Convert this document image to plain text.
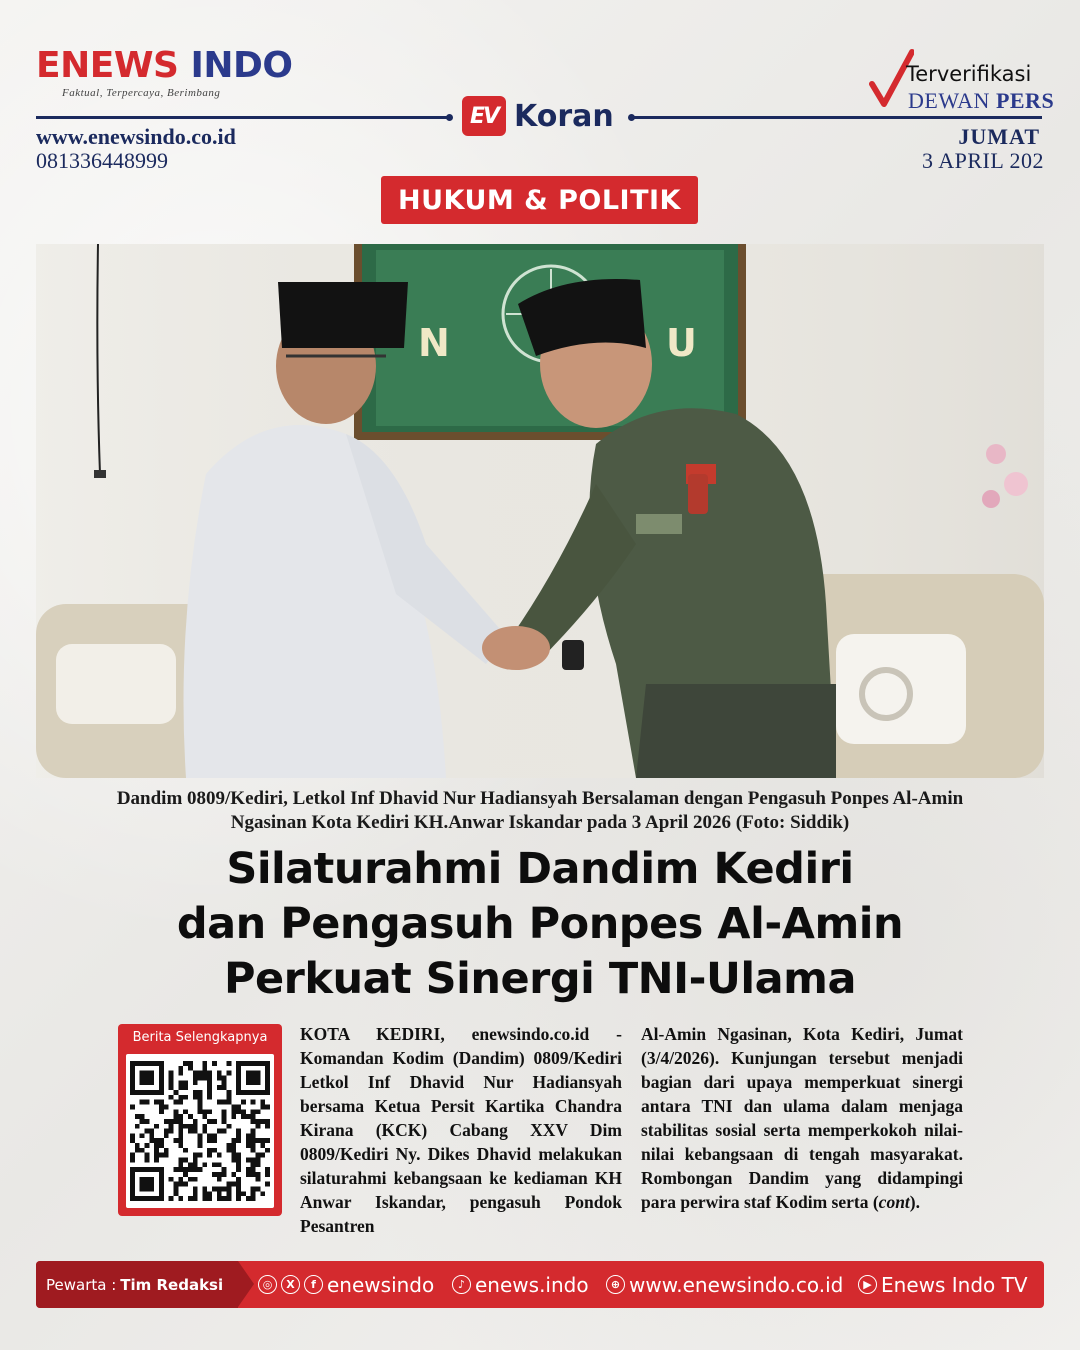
ENEWS INDO
Faktual, Terpercaya, Berimbang
www.enewsindo.co.id
081336448999
EV Koran
Terverifikasi
DEWAN PERS
JUMAT
3 APRIL 202
HUKUM & POLITIK
N	U
Dandim 0809/Kediri, Letkol Inf Dhavid Nur Hadiansyah Bersalaman dengan Pengasuh Ponpes Al-Amin
Ngasinan Kota Kediri KH.Anwar Iskandar pada 3 April 2026 (Foto: Siddik)
Silaturahmi Dandim Kediri
dan Pengasuh Ponpes Al-Amin
Perkuat Sinergi TNI-Ulama
Berita Selengkapnya	KOTA KEDIRI, enewsindo.co.id - Komandan Kodim (Dandim) 0809/Kediri Letkol Inf Dhavid Nur Hadiansyah bersama Ketua Persit Kartika Chandra Kirana (KCK) Cabang XXV Dim 0809/Kediri Ny. Dikes Dhavid melakukan silaturahmi kebangsaan ke kediaman KH Anwar Iskandar, pengasuh Pondok Pesantren
Al-Amin Ngasinan, Kota Kediri, Jumat (3/4/2026). Kunjungan tersebut menjadi bagian dari upaya memperkuat sinergi antara TNI dan ulama dalam menjaga stabilitas sosial serta memperkokoh nilai-nilai kebangsaan di tengah masyarakat. Rombongan Dandim yang didampingi para perwira staf Kodim serta (cont).
Pewarta : Tim Redaksi	◎	X	f enewsindo	♪ enews.indo	⊕ www.enewsindo.co.id	▶ Enews Indo TV
